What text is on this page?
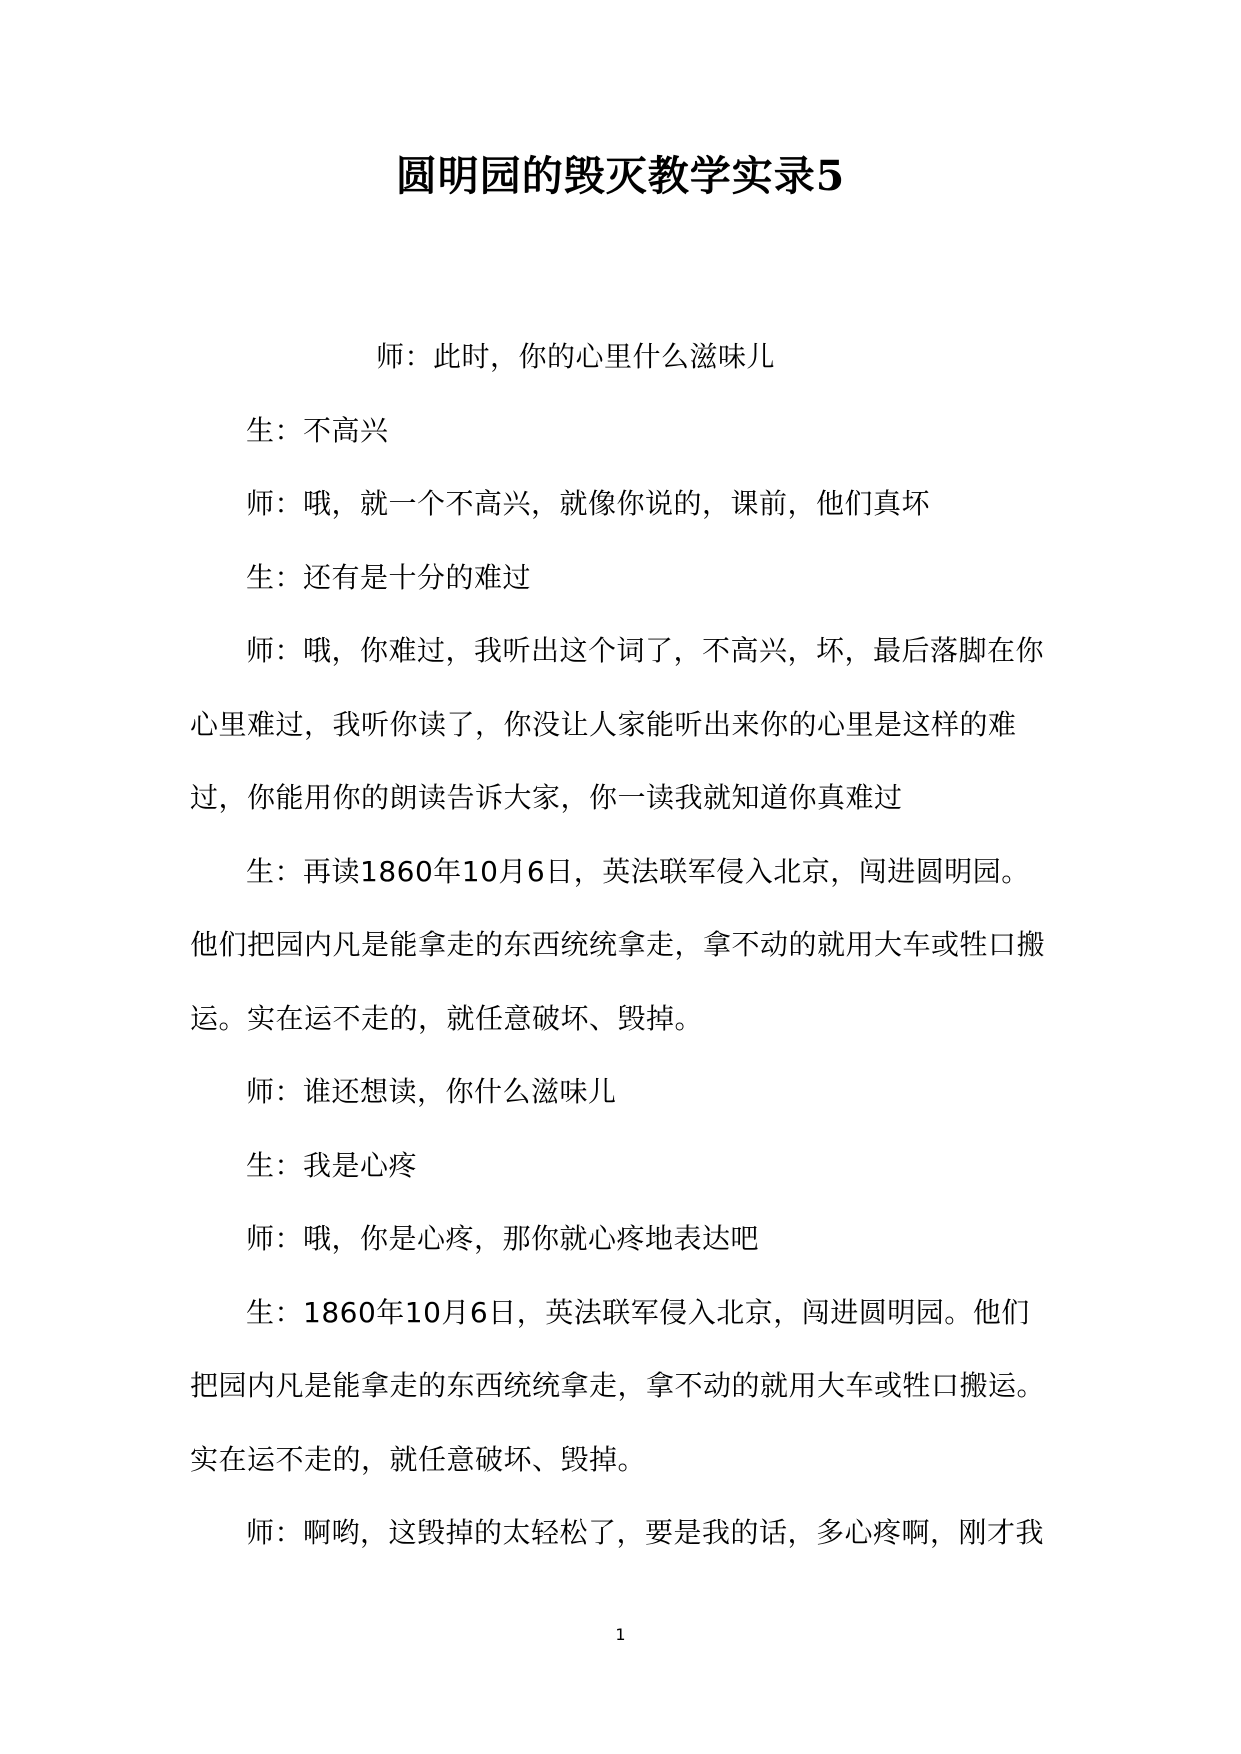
圆明园的毁灭教学实录5

师：此时，你的心里什么滋味儿

生：不高兴

师：哦，就一个不高兴，就像你说的，课前，他们真坏

生：还有是十分的难过

师：哦，你难过，我听出这个词了，不高兴，坏，最后落脚在你心里难过，我听你读了，你没让人家能听出来你的心里是这样的难过，你能用你的朗读告诉大家，你一读我就知道你真难过

生：再读1860年10月6日，英法联军侵入北京，闯进圆明园。他们把园内凡是能拿走的东西统统拿走，拿不动的就用大车或牲口搬运。实在运不走的，就任意破坏、毁掉。

师：谁还想读，你什么滋味儿

生：我是心疼

师：哦，你是心疼，那你就心疼地表达吧

生：1860年10月6日，英法联军侵入北京，闯进圆明园。他们把园内凡是能拿走的东西统统拿走，拿不动的就用大车或牲口搬运。实在运不走的，就任意破坏、毁掉。

师：啊哟，这毁掉的太轻松了，要是我的话，多心疼啊，刚才我

1
